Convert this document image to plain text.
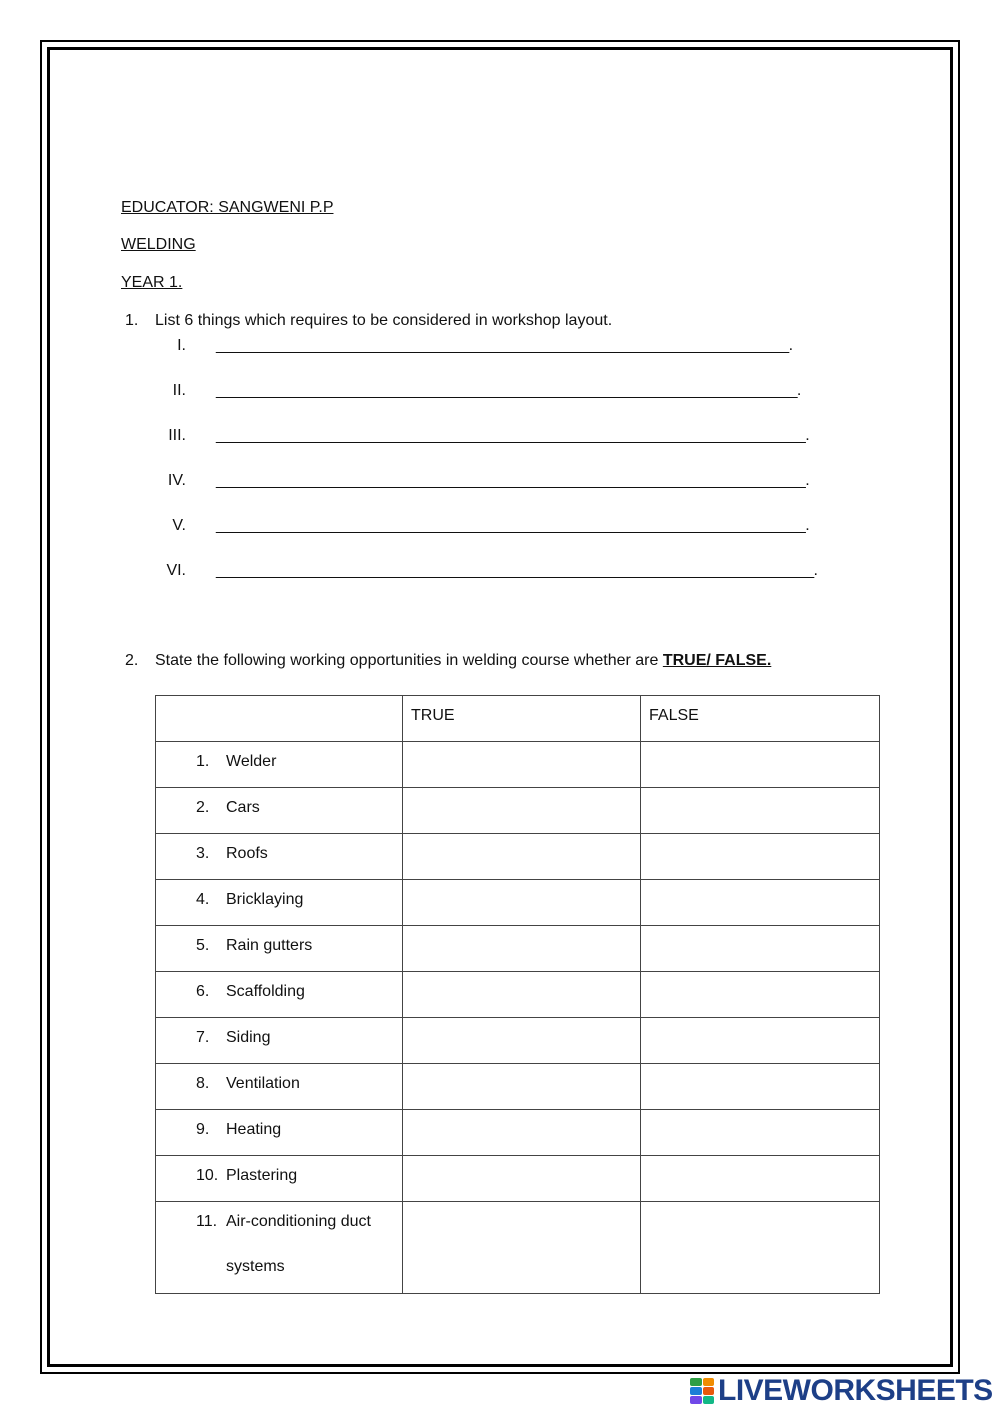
EDUCATOR: SANGWENI P.P
WELDING
YEAR 1.
1. List 6 things which requires to be considered in workshop layout.
I. _____________________________________________________________________.
II. ______________________________________________________________________.
III. _______________________________________________________________________.
IV. _______________________________________________________________________.
V. _______________________________________________________________________.
VI. ________________________________________________________________________.
2. State the following working opportunities in welding course whether are TRUE/ FALSE.
	TRUE	FALSE
1. Welder		
2. Cars		
3. Roofs		
4. Bricklaying		
5. Rain gutters		
6. Scaffolding		
7. Siding		
8. Ventilation		
9. Heating		
10. Plastering		
11. Air-conditioning duct systems		
LIVEWORKSHEETS
